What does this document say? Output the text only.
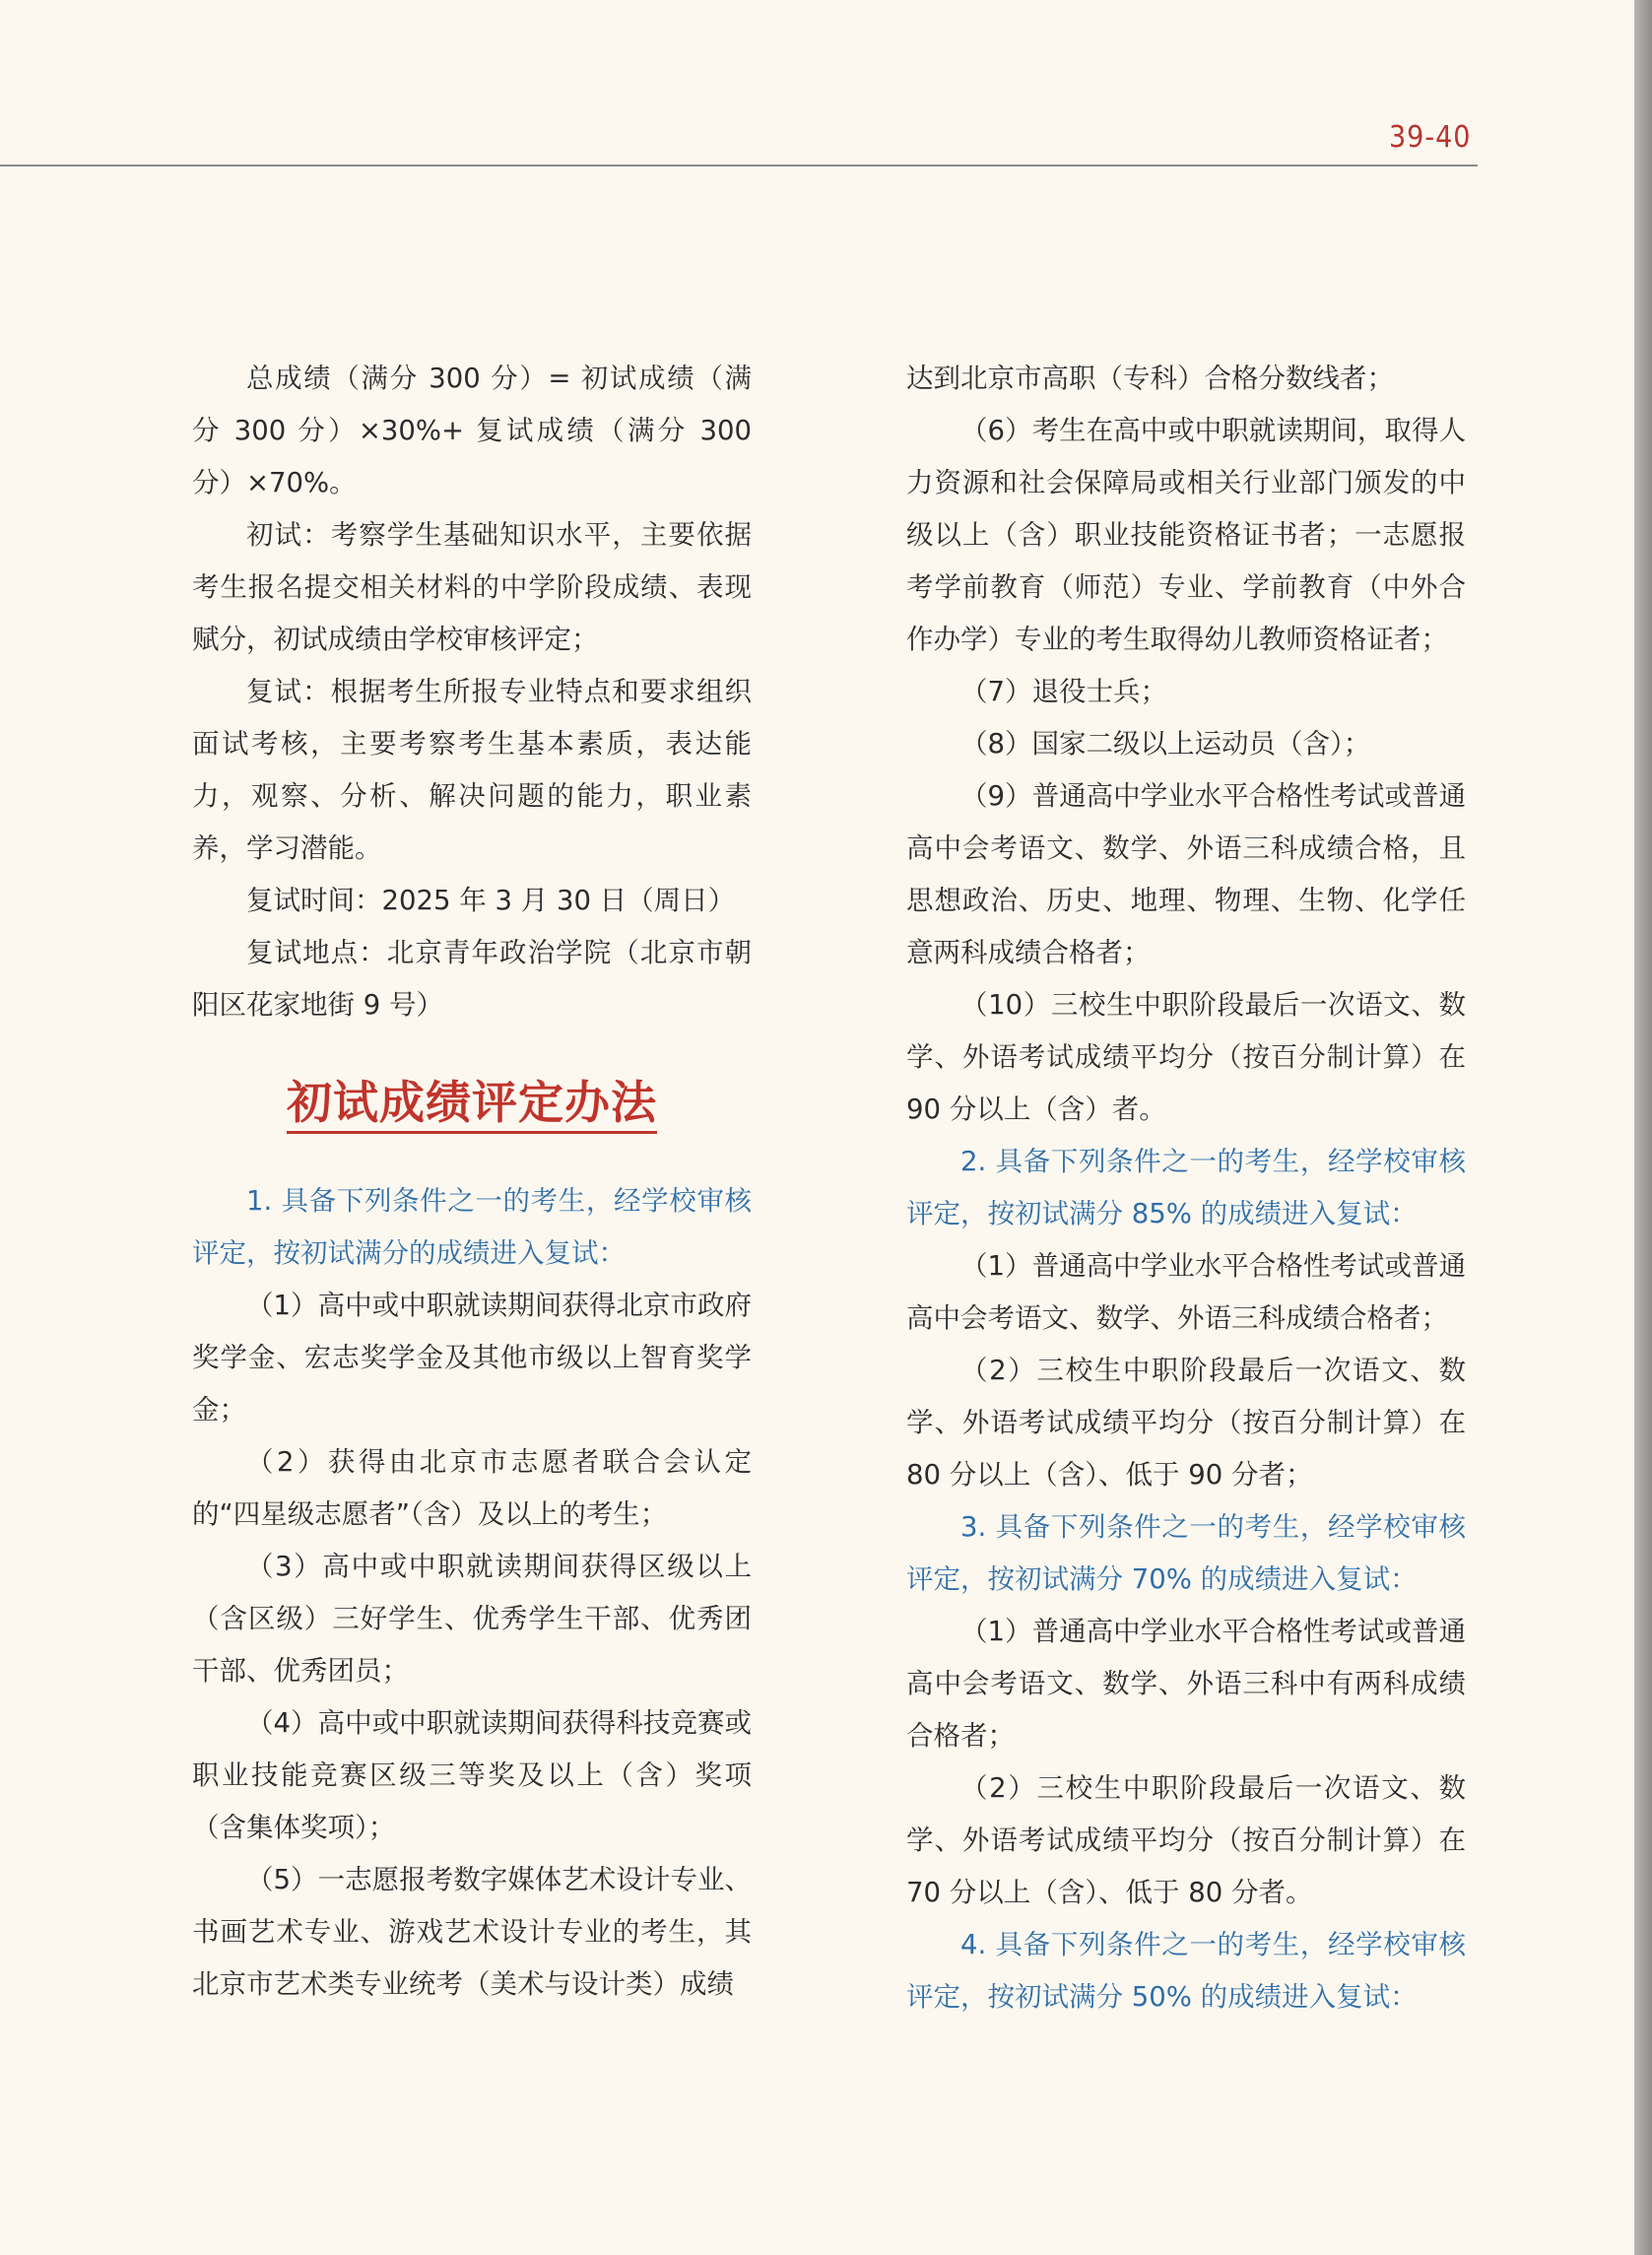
39-40

总成绩（满分 300 分）= 初试成绩（满分 300 分）×30%+ 复试成绩（满分 300 分）×70%。

初试：考察学生基础知识水平，主要依据考生报名提交相关材料的中学阶段成绩、表现赋分，初试成绩由学校审核评定；

复试：根据考生所报专业特点和要求组织面试考核，主要考察考生基本素质，表达能力，观察、分析、解决问题的能力，职业素养，学习潜能。

复试时间：2025 年 3 月 30 日（周日）

复试地点：北京青年政治学院（北京市朝阳区花家地街 9 号）

初试成绩评定办法

1. 具备下列条件之一的考生，经学校审核评定，按初试满分的成绩进入复试：

（1）高中或中职就读期间获得北京市政府奖学金、宏志奖学金及其他市级以上智育奖学金；

（2）获得由北京市志愿者联合会认定的“四星级志愿者”（含）及以上的考生；

（3）高中或中职就读期间获得区级以上（含区级）三好学生、优秀学生干部、优秀团干部、优秀团员；

（4）高中或中职就读期间获得科技竞赛或职业技能竞赛区级三等奖及以上（含）奖项（含集体奖项）；

（5）一志愿报考数字媒体艺术设计专业、书画艺术专业、游戏艺术设计专业的考生，其北京市艺术类专业统考（美术与设计类）成绩

达到北京市高职（专科）合格分数线者；

（6）考生在高中或中职就读期间，取得人力资源和社会保障局或相关行业部门颁发的中级以上（含）职业技能资格证书者；一志愿报考学前教育（师范）专业、学前教育（中外合作办学）专业的考生取得幼儿教师资格证者；

（7）退役士兵；

（8）国家二级以上运动员（含）；

（9）普通高中学业水平合格性考试或普通高中会考语文、数学、外语三科成绩合格，且思想政治、历史、地理、物理、生物、化学任意两科成绩合格者；

（10）三校生中职阶段最后一次语文、数学、外语考试成绩平均分（按百分制计算）在 90 分以上（含）者。

2. 具备下列条件之一的考生，经学校审核评定，按初试满分 85% 的成绩进入复试：

（1）普通高中学业水平合格性考试或普通高中会考语文、数学、外语三科成绩合格者；

（2）三校生中职阶段最后一次语文、数学、外语考试成绩平均分（按百分制计算）在 80 分以上（含）、低于 90 分者；

3. 具备下列条件之一的考生，经学校审核评定，按初试满分 70% 的成绩进入复试：

（1）普通高中学业水平合格性考试或普通高中会考语文、数学、外语三科中有两科成绩合格者；

（2）三校生中职阶段最后一次语文、数学、外语考试成绩平均分（按百分制计算）在 70 分以上（含）、低于 80 分者。

4. 具备下列条件之一的考生，经学校审核评定，按初试满分 50% 的成绩进入复试：
